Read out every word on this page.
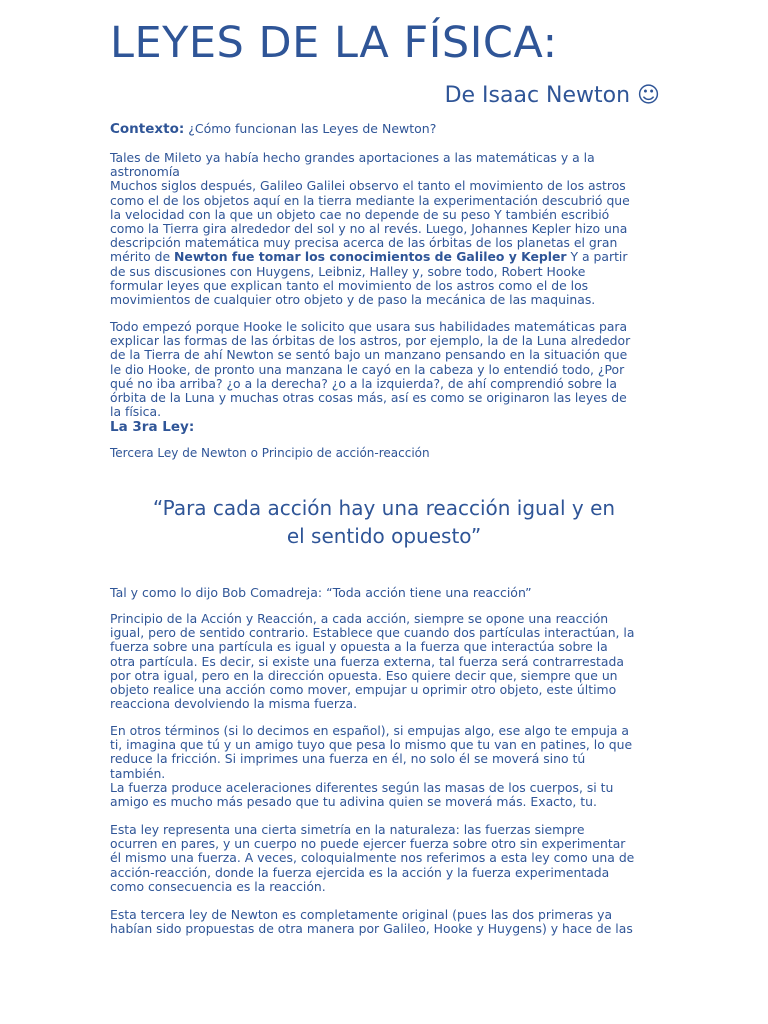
LEYES DE LA FÍSICA:
De Isaac Newton ☺

Contexto: ¿Cómo funcionan las Leyes de Newton?

Tales de Mileto ya había hecho grandes aportaciones a las matemáticas y a la
astronomía
Muchos siglos después, Galileo Galilei observo el tanto el movimiento de los astros
como el de los objetos aquí en la tierra mediante la experimentación descubrió que
la velocidad con la que un objeto cae no depende de su peso Y también escribió
como la Tierra gira alrededor del sol y no al revés. Luego, Johannes Kepler hizo una
descripción matemática muy precisa acerca de las órbitas de los planetas el gran
mérito de Newton fue tomar los conocimientos de Galileo y Kepler Y a partir
de sus discusiones con Huygens, Leibniz, Halley y, sobre todo, Robert Hooke
formular leyes que explican tanto el movimiento de los astros como el de los
movimientos de cualquier otro objeto y de paso la mecánica de las maquinas.
Todo empezó porque Hooke le solicito que usara sus habilidades matemáticas para
explicar las formas de las órbitas de los astros, por ejemplo, la de la Luna alrededor
de la Tierra de ahí Newton se sentó bajo un manzano pensando en la situación que
le dio Hooke, de pronto una manzana le cayó en la cabeza y lo entendió todo, ¿Por
qué no iba arriba? ¿o a la derecha? ¿o a la izquierda?, de ahí comprendió sobre la
órbita de la Luna y muchas otras cosas más, así es como se originaron las leyes de
la física.
La 3ra Ley:
Tercera Ley de Newton o Principio de acción-reacción
“Para cada acción hay una reacción igual y en
el sentido opuesto”
Tal y como lo dijo Bob Comadreja: “Toda acción tiene una reacción”
Principio de la Acción y Reacción, a cada acción, siempre se opone una reacción
igual, pero de sentido contrario. Establece que cuando dos partículas interactúan, la
fuerza sobre una partícula es igual y opuesta a la fuerza que interactúa sobre la
otra partícula. Es decir, si existe una fuerza externa, tal fuerza será contrarrestada
por otra igual, pero en la dirección opuesta. Eso quiere decir que, siempre que un
objeto realice una acción como mover, empujar u oprimir otro objeto, este último
reacciona devolviendo la misma fuerza.
En otros términos (si lo decimos en español), si empujas algo, ese algo te empuja a
ti, imagina que tú y un amigo tuyo que pesa lo mismo que tu van en patines, lo que
reduce la fricción. Si imprimes una fuerza en él, no solo él se moverá sino tú
también.
La fuerza produce aceleraciones diferentes según las masas de los cuerpos, si tu
amigo es mucho más pesado que tu adivina quien se moverá más. Exacto, tu.
Esta ley representa una cierta simetría en la naturaleza: las fuerzas siempre
ocurren en pares, y un cuerpo no puede ejercer fuerza sobre otro sin experimentar
él mismo una fuerza. A veces, coloquialmente nos referimos a esta ley como una de
acción-reacción, donde la fuerza ejercida es la acción y la fuerza experimentada
como consecuencia es la reacción.
Esta tercera ley de Newton es completamente original (pues las dos primeras ya
habían sido propuestas de otra manera por Galileo, Hooke y Huygens) y hace de las
